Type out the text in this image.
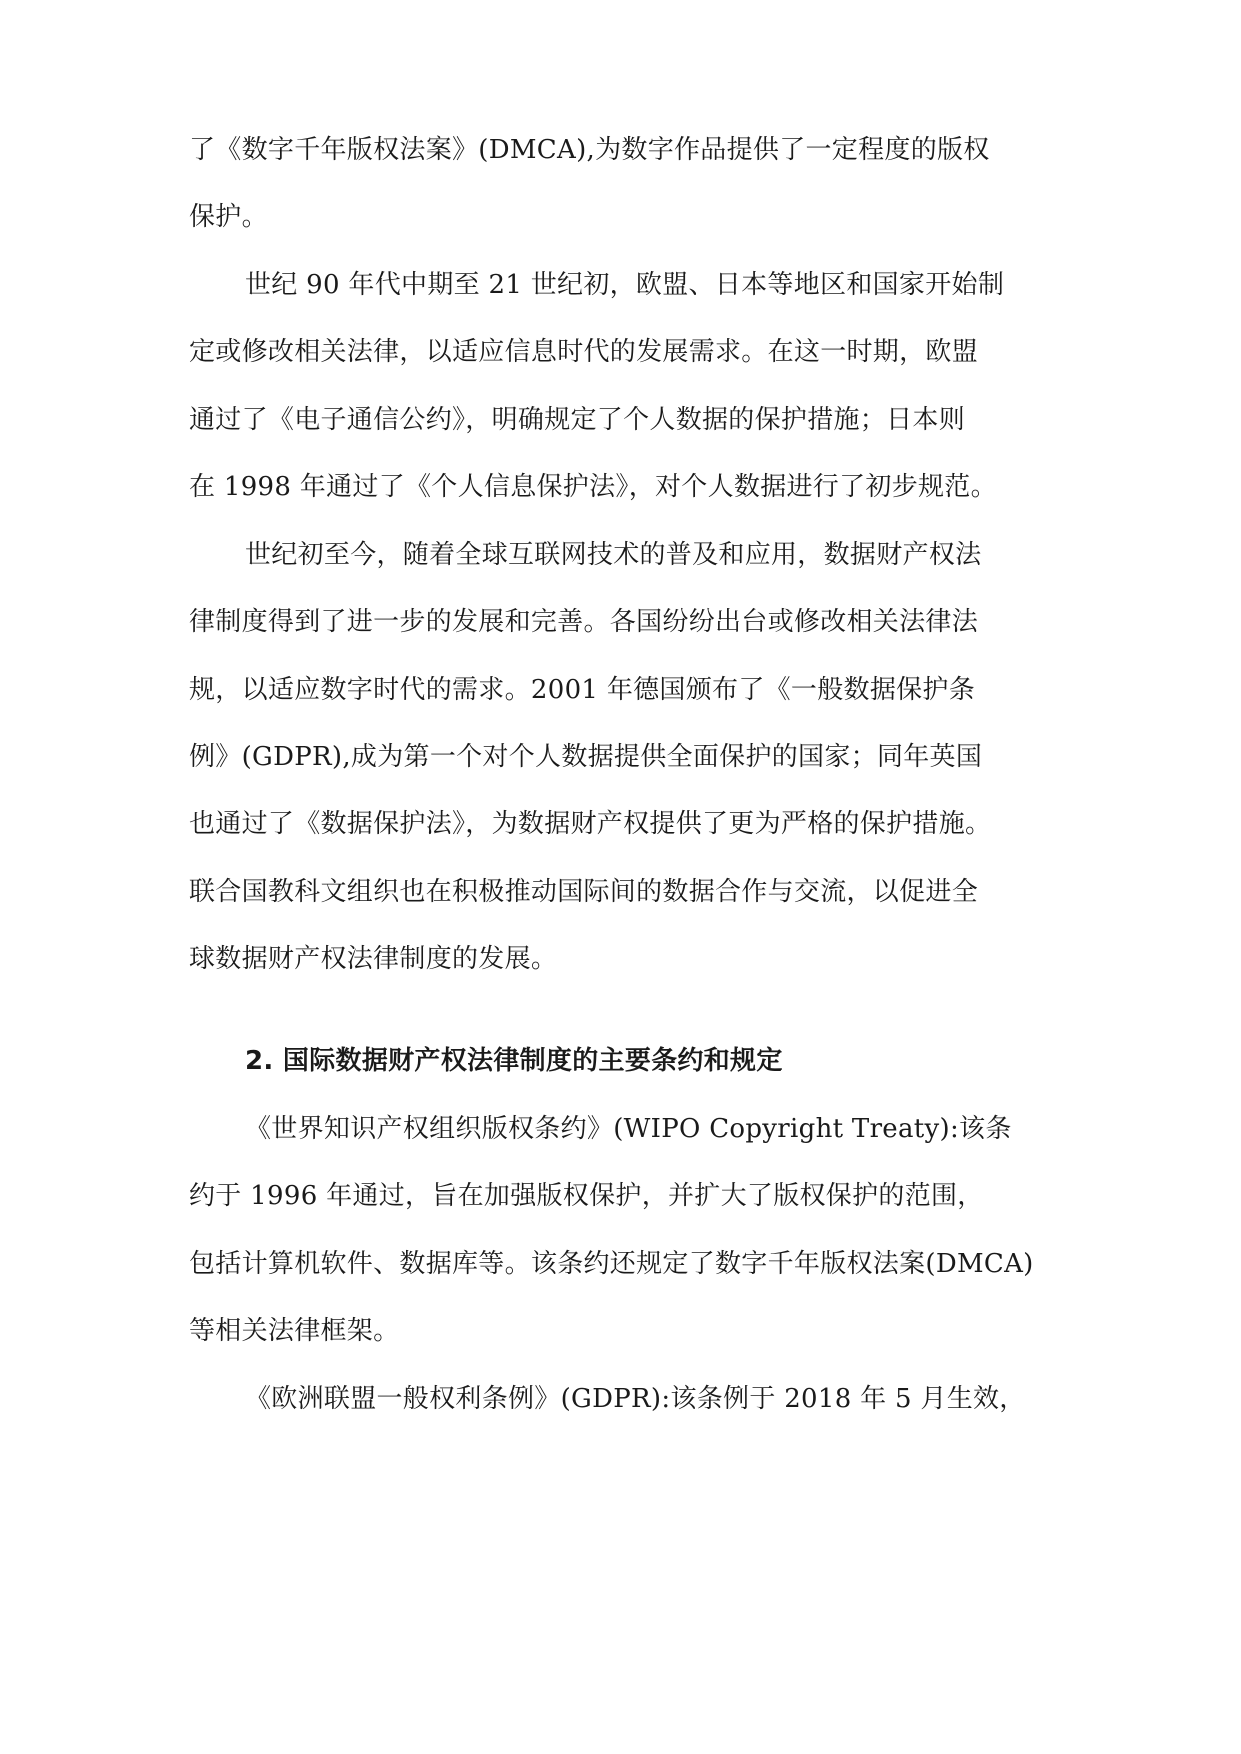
了《数字千年版权法案》(DMCA),为数字作品提供了一定程度的版权
保护。
世纪 90 年代中期至 21 世纪初，欧盟、日本等地区和国家开始制
定或修改相关法律，以适应信息时代的发展需求。在这一时期，欧盟
通过了《电子通信公约》，明确规定了个人数据的保护措施；日本则
在 1998 年通过了《个人信息保护法》，对个人数据进行了初步规范。
世纪初至今，随着全球互联网技术的普及和应用，数据财产权法
律制度得到了进一步的发展和完善。各国纷纷出台或修改相关法律法
规，以适应数字时代的需求。2001 年德国颁布了《一般数据保护条
例》(GDPR),成为第一个对个人数据提供全面保护的国家；同年英国
也通过了《数据保护法》，为数据财产权提供了更为严格的保护措施。
联合国教科文组织也在积极推动国际间的数据合作与交流，以促进全
球数据财产权法律制度的发展。
2. 国际数据财产权法律制度的主要条约和规定
《世界知识产权组织版权条约》(WIPO Copyright Treaty):该条
约于 1996 年通过，旨在加强版权保护，并扩大了版权保护的范围，
包括计算机软件、数据库等。该条约还规定了数字千年版权法案(DMCA)
等相关法律框架。
《欧洲联盟一般权利条例》(GDPR):该条例于 2018 年 5 月生效，
